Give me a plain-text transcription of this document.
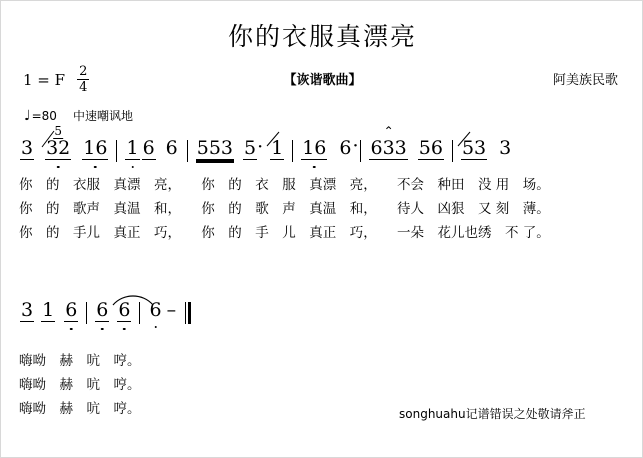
你的衣服真漂亮
1 = F $\frac{2}{4}$	【诙谐歌曲】	阿美族民歌
♩ =80 中速嘲讽地
3
5
32 16 1 6 6 553 5 · 1 16 6 ·
⌃
633 56 53 3
你　的　衣服　真漂　亮，　　你　的　衣　服　真漂　亮，　　不会　种田　没 用　场。
你　的　歌声　真温　和，　　你　的　歌　声　真温　和，　　待人　凶狠　又 刻　薄。
你　的　手儿　真正　巧，　　你　的　手　儿　真正　巧，　　一朵　花儿也绣　不 了。
3 1 6 6 6 6 –
嗨呦　赫　吭　哼。
嗨呦　赫　吭　哼。
嗨呦　赫　吭　哼。	songhuahu记谱错误之处敬请斧正
